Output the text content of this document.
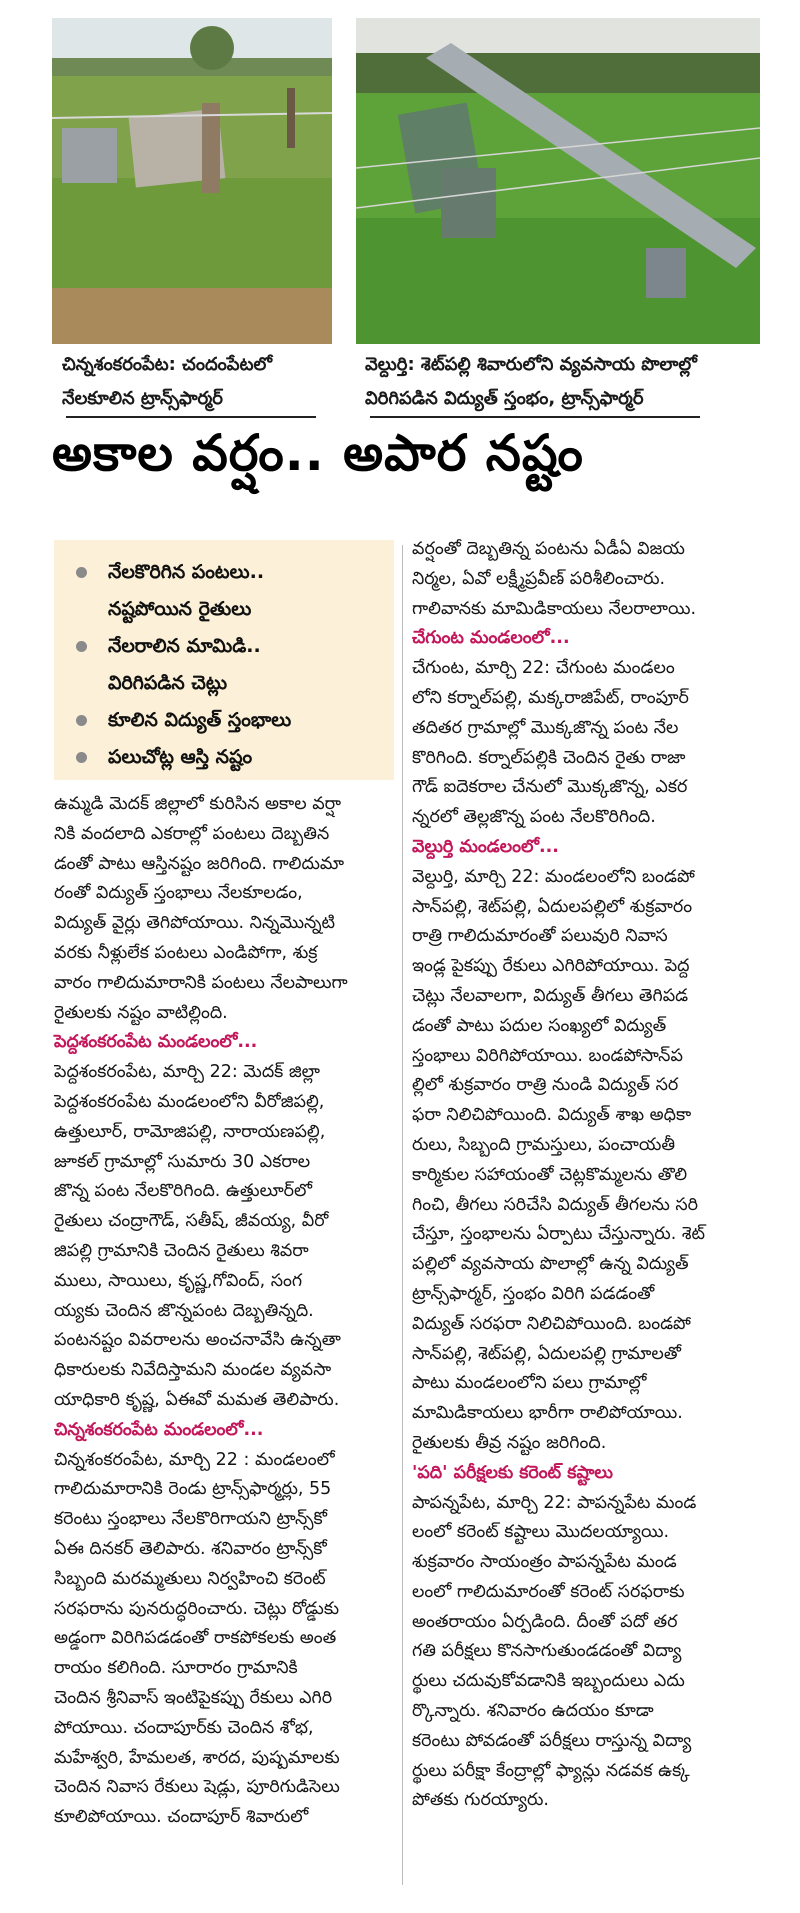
చిన్నశంకరంపేట: చందంపేటలో
నేలకూలిన ట్రాన్స్‌ఫార్మర్
వెల్దుర్తి: శెట్‌పల్లి శివారులోని వ్యవసాయ పొలాల్లో
విరిగిపడిన విద్యుత్ స్తంభం, ట్రాన్స్‌ఫార్మర్
అకాల వర్షం.. అపార నష్టం
నేలకొరిగిన పంటలు..
నష్టపోయిన రైతులు
నేలరాలిన మామిడి..
విరిగిపడిన చెట్లు
కూలిన విద్యుత్ స్తంభాలు
పలుచోట్ల ఆస్తి నష్టం
ఉమ్మడి మెదక్ జిల్లాలో కురిసిన అకాల వర్షా
నికి వందలాది ఎకరాల్లో పంటలు దెబ్బతిన
డంతో పాటు ఆస్తినష్టం జరిగింది. గాలిదుమా
రంతో విద్యుత్ స్తంభాలు నేలకూలడం,
విద్యుత్ వైర్లు తెగిపోయాయి. నిన్నమొన్నటి
వరకు నీళ్లులేక పంటలు ఎండిపోగా, శుక్ర
వారం గాలిదుమారానికి పంటలు నేలపాలుగా
రైతులకు నష్టం వాటిల్లింది.
పెద్దశంకరంపేట మండలంలో...
పెద్దశంకరంపేట, మార్చి 22: మెదక్ జిల్లా
పెద్దశంకరంపేట మండలంలోని వీరోజిపల్లి,
ఉత్తులూర్, రామోజిపల్లి, నారాయణపల్లి,
జూకల్ గ్రామాల్లో సుమారు 30 ఎకరాల
జొన్న పంట నేలకొరిగింది. ఉత్తులూర్‌లో
రైతులు చంద్రాగౌడ్, సతీష్, జీవయ్య, వీరో
జిపల్లి గ్రామానికి చెందిన రైతులు శివరా
ములు, సాయిలు, కృష్ణ,గోవింద్, సంగ
య్యకు చెందిన జొన్నపంట దెబ్బతిన్నది.
పంటనష్టం వివరాలను అంచనావేసి ఉన్నతా
ధికారులకు నివేదిస్తామని మండల వ్యవసా
యాధికారి కృష్ణ, ఏఈవో మమత తెలిపారు.
చిన్నశంకరంపేట మండలంలో...
చిన్నశంకరంపేట, మార్చి 22 : మండలంలో
గాలిదుమారానికి రెండు ట్రాన్స్‌ఫార్మర్లు, 55
కరెంటు స్తంభాలు నేలకొరిగాయని ట్రాన్స్‌కో
ఏఈ దినకర్ తెలిపారు. శనివారం ట్రాన్స్‌కో
సిబ్బంది మరమ్మతులు నిర్వహించి కరెంట్
సరఫరాను పునరుద్ధరించారు. చెట్లు రోడ్డుకు
అడ్డంగా విరిగిపడడంతో రాకపోకలకు అంత
రాయం కలిగింది. సూరారం గ్రామానికి
చెందిన శ్రీనివాస్ ఇంటిపైకప్పు రేకులు ఎగిరి
పోయాయి. చందాపూర్‌కు చెందిన శోభ,
మహేశ్వరి, హేమలత, శారద, పుష్పమాలకు
చెందిన నివాస రేకులు షెడ్లు, పూరిగుడిసెలు
కూలిపోయాయి. చందాపూర్ శివారులో
వర్షంతో దెబ్బతిన్న పంటను ఏడీఏ విజయ
నిర్మల, ఏవో లక్ష్మీప్రవీణ్ పరిశీలించారు.
గాలివానకు మామిడికాయలు నేలరాలాయి.
చేగుంట మండలంలో...
చేగుంట, మార్చి 22: చేగుంట మండలం
లోని కర్నాల్‌పల్లి, మక్కరాజిపేట్, రాంపూర్
తదితర గ్రామాల్లో మొక్కజొన్న పంట నేల
కొరిగింది. కర్నాల్‌పల్లికి చెందిన రైతు రాజా
గౌడ్ ఐదెకరాల చేనులో మొక్కజొన్న, ఎకర
న్నరలో తెల్లజొన్న పంట నేలకొరిగింది.
వెల్దుర్తి మండలంలో...
వెల్దుర్తి, మార్చి 22: మండలంలోని బండపో
సాన్‌పల్లి, శెట్‌పల్లి, ఏదులపల్లిలో శుక్రవారం
రాత్రి గాలిదుమారంతో పలువురి నివాస
ఇండ్ల పైకప్పు రేకులు ఎగిరిపోయాయి. పెద్ద
చెట్లు నేలవాలగా, విద్యుత్ తీగలు తెగిపడ
డంతో పాటు పదుల సంఖ్యలో విద్యుత్
స్తంభాలు విరిగిపోయాయి. బండపోసాన్‌ప
ల్లిలో శుక్రవారం రాత్రి నుండి విద్యుత్ సర
ఫరా నిలిచిపోయింది. విద్యుత్ శాఖ అధికా
రులు, సిబ్బంది గ్రామస్తులు, పంచాయతీ
కార్మికుల సహాయంతో చెట్లకొమ్మలను తొలి
గించి, తీగలు సరిచేసి విద్యుత్ తీగలను సరి
చేస్తూ, స్తంభాలను ఏర్పాటు చేస్తున్నారు. శెట్
పల్లిలో వ్యవసాయ పొలాల్లో ఉన్న విద్యుత్
ట్రాన్స్‌ఫార్మర్, స్తంభం విరిగి పడడంతో
విద్యుత్ సరఫరా నిలిచిపోయింది. బండపో
సాన్‌పల్లి, శెట్‌పల్లి, ఏదులపల్లి గ్రామాలతో
పాటు మండలంలోని పలు గ్రామాల్లో
మామిడికాయలు భారీగా రాలిపోయాయి.
రైతులకు తీవ్ర నష్టం జరిగింది.
'పది' పరీక్షలకు కరెంట్ కష్టాలు
పాపన్నపేట, మార్చి 22: పాపన్నపేట మండ
లంలో కరెంట్ కష్టాలు మొదలయ్యాయి.
శుక్రవారం సాయంత్రం పాపన్నపేట మండ
లంలో గాలిదుమారంతో కరెంట్ సరఫరాకు
అంతరాయం ఏర్పడింది. దీంతో పదో తర
గతి పరీక్షలు కొనసాగుతుండడంతో విద్యా
ర్థులు చదువుకోవడానికి ఇబ్బందులు ఎదు
ర్కొన్నారు. శనివారం ఉదయం కూడా
కరెంటు పోవడంతో పరీక్షలు రాస్తున్న విద్యా
ర్థులు పరీక్షా కేంద్రాల్లో ఫ్యాన్లు నడవక ఉక్క
పోతకు గురయ్యారు.
